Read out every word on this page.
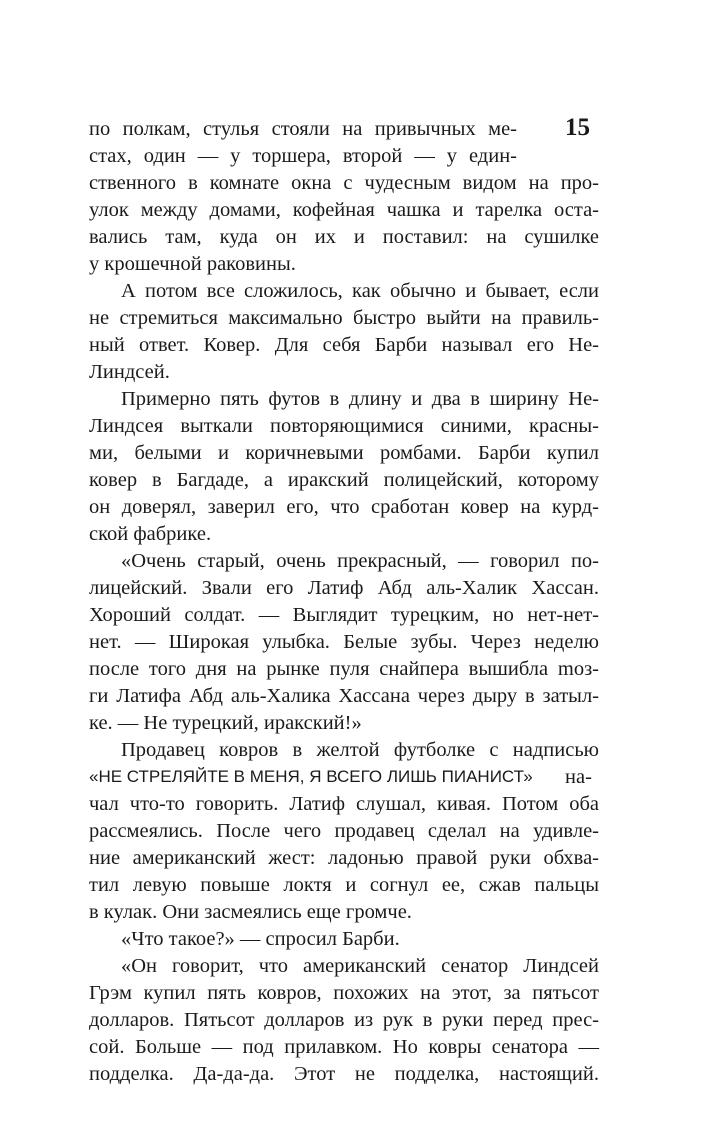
15
по полкам, стулья стояли на привычных ме-
стах, один — у торшера, второй — у един-
ственного в комнате окна с чудесным видом на про-
улок между домами, кофейная чашка и тарелка оста-
вались там, куда он их и поставил: на сушилке
у крошечной раковины.
А потом все сложилось, как обычно и бывает, если
не стремиться максимально быстро выйти на правиль-
ный ответ. Ковер. Для себя Барби называл его Не-
Линдсей.
Примерно пять футов в длину и два в ширину Не-
Линдсея выткали повторяющимися синими, красны-
ми, белыми и коричневыми ромбами. Барби купил
ковер в Багдаде, а иракский полицейский, которому
он доверял, заверил его, что сработан ковер на курд-
ской фабрике.
«Очень старый, очень прекрасный, — говорил по-
лицейский. Звали его Латиф Абд аль-Халик Хассан.
Хороший солдат. — Выглядит турецким, но нет-нет-
нет. — Широкая улыбка. Белые зубы. Через неделю
после того дня на рынке пуля снайпера вышибла moз-
ги Латифа Абд аль-Халика Хассана через дыру в затыл-
ке. — Не турецкий, иракский!»
Продавец ковров в желтой футболке с надписью
«НЕ СТРЕЛЯЙТЕ В МЕНЯ, Я ВСЕГО ЛИШЬ ПИАНИСТ»	на-
чал что-то говорить. Латиф слушал, кивая. Потом оба
рассмеялись. После чего продавец сделал на удивле-
ние американский жест: ладонью правой руки обхва-
тил левую повыше локтя и согнул ее, сжав пальцы
в кулак. Они засмеялись еще громче.
«Что такое?» — спросил Барби.
«Он говорит, что американский сенатор Линдсей
Грэм купил пять ковров, похожих на этот, за пятьсот
долларов. Пятьсот долларов из рук в руки перед прес-
сой. Больше — под прилавком. Но ковры сенатора —
подделка. Да-да-да. Этот не подделка, настоящий.
